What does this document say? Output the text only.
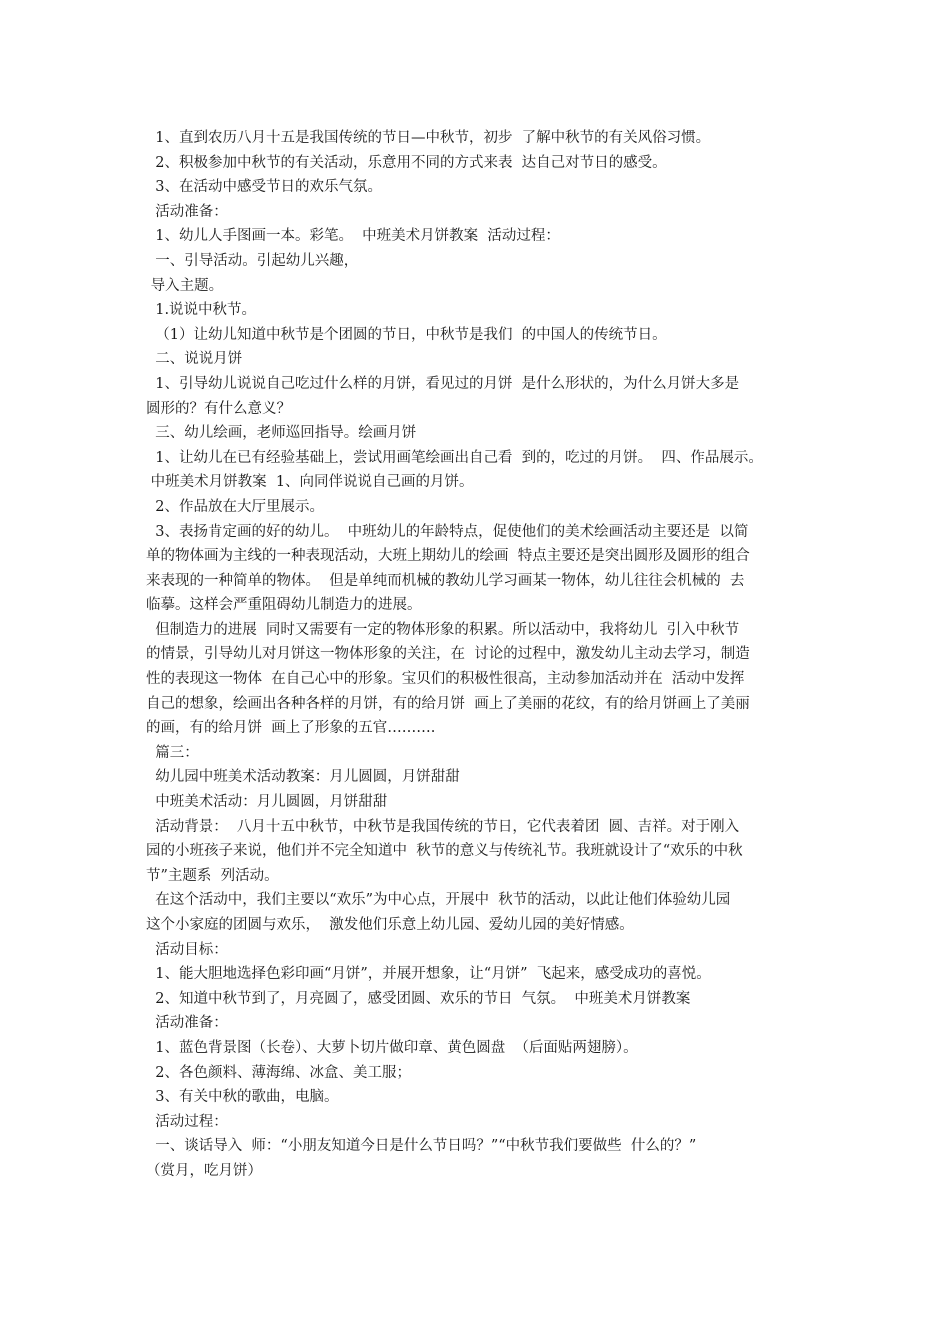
1、直到农历八月十五是我国传统的节日—中秋节，初步  了解中秋节的有关风俗习惯。
2、积极参加中秋节的有关活动，乐意用不同的方式来表  达自己对节日的感受。
3、在活动中感受节日的欢乐气氛。
活动准备：
1、幼儿人手图画一本。彩笔。  中班美术月饼教案  活动过程：
一、引导活动。引起幼儿兴趣，
导入主题。
1.说说中秋节。
（1）让幼儿知道中秋节是个团圆的节日，中秋节是我们  的中国人的传统节日。
二、说说月饼
1、引导幼儿说说自己吃过什么样的月饼，看见过的月饼  是什么形状的，为什么月饼大多是
圆形的？有什么意义？
三、幼儿绘画，老师巡回指导。绘画月饼
1、让幼儿在已有经验基础上，尝试用画笔绘画出自己看  到的，吃过的月饼。  四、作品展示。
中班美术月饼教案  1、向同伴说说自己画的月饼。
2、作品放在大厅里展示。
3、表扬肯定画的好的幼儿。  中班幼儿的年龄特点，促使他们的美术绘画活动主要还是  以简
单的物体画为主线的一种表现活动，大班上期幼儿的绘画  特点主要还是突出圆形及圆形的组合
来表现的一种简单的物体。  但是单纯而机械的教幼儿学习画某一物体，幼儿往往会机械的  去
临摹。这样会严重阻碍幼儿制造力的进展。
但制造力的进展  同时又需要有一定的物体形象的积累。所以活动中，我将幼儿  引入中秋节
的情景，引导幼儿对月饼这一物体形象的关注，在  讨论的过程中，激发幼儿主动去学习，制造
性的表现这一物体  在自己心中的形象。宝贝们的积极性很高，主动参加活动并在  活动中发挥
自己的想象，绘画出各种各样的月饼，有的给月饼  画上了美丽的花纹，有的给月饼画上了美丽
的画，有的给月饼  画上了形象的五官……….
篇三：
幼儿园中班美术活动教案：月儿圆圆，月饼甜甜
中班美术活动：月儿圆圆，月饼甜甜
活动背景：  八月十五中秋节，中秋节是我国传统的节日，它代表着团  圆、吉祥。对于刚入
园的小班孩子来说，他们并不完全知道中  秋节的意义与传统礼节。我班就设计了“欢乐的中秋
节”主题系  列活动。
在这个活动中，我们主要以“欢乐”为中心点，开展中  秋节的活动，以此让他们体验幼儿园
这个小家庭的团圆与欢乐，  激发他们乐意上幼儿园、爱幼儿园的美好情感。
活动目标：
1、能大胆地选择色彩印画“月饼”，并展开想象，让“月饼”  飞起来，感受成功的喜悦。
2、知道中秋节到了，月亮圆了，感受团圆、欢乐的节日  气氛。  中班美术月饼教案
活动准备：
1、蓝色背景图（长卷）、大萝卜切片做印章、黄色圆盘  （后面贴两翅膀）。
2、各色颜料、薄海绵、冰盒、美工服；
3、有关中秋的歌曲，电脑。
活动过程：
一、谈话导入  师：“小朋友知道今日是什么节日吗？”“中秋节我们要做些  什么的？”
（赏月，吃月饼）
